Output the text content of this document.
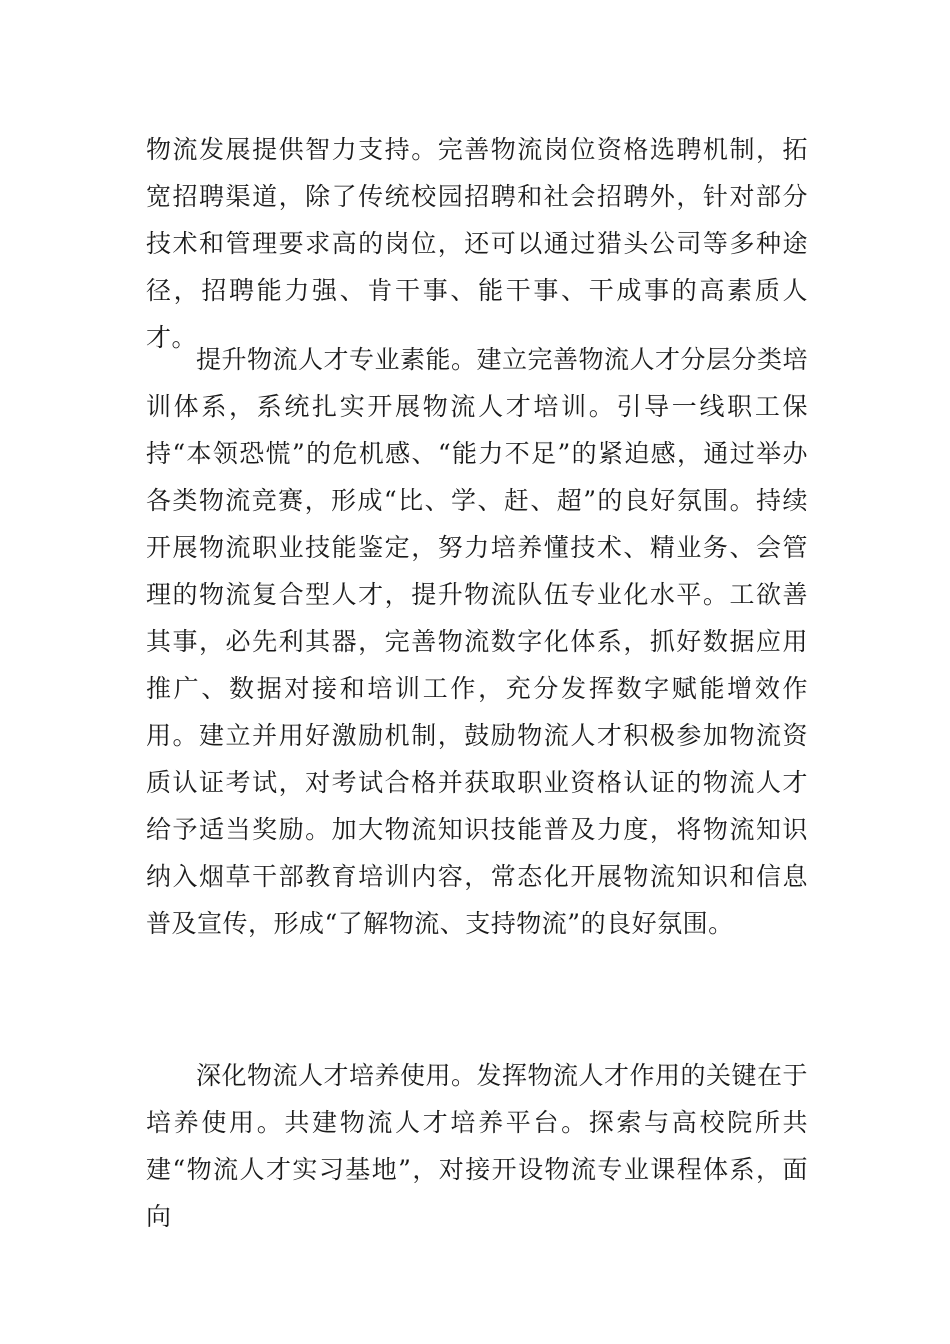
物流发展提供智力支持。完善物流岗位资格选聘机制，拓宽招聘渠道，除了传统校园招聘和社会招聘外，针对部分技术和管理要求高的岗位，还可以通过猎头公司等多种途径，招聘能力强、肯干事、能干事、干成事的高素质人才。

提升物流人才专业素能。建立完善物流人才分层分类培训体系，系统扎实开展物流人才培训。引导一线职工保持“本领恐慌”的危机感、“能力不足”的紧迫感，通过举办各类物流竞赛，形成“比、学、赶、超”的良好氛围。持续开展物流职业技能鉴定，努力培养懂技术、精业务、会管理的物流复合型人才，提升物流队伍专业化水平。工欲善其事，必先利其器，完善物流数字化体系，抓好数据应用推广、数据对接和培训工作，充分发挥数字赋能增效作用。建立并用好激励机制，鼓励物流人才积极参加物流资质认证考试，对考试合格并获取职业资格认证的物流人才给予适当奖励。加大物流知识技能普及力度，将物流知识纳入烟草干部教育培训内容，常态化开展物流知识和信息普及宣传，形成“了解物流、支持物流”的良好氛围。

深化物流人才培养使用。发挥物流人才作用的关键在于培养使用。共建物流人才培养平台。探索与高校院所共建“物流人才实习基地”，对接开设物流专业课程体系，面向
